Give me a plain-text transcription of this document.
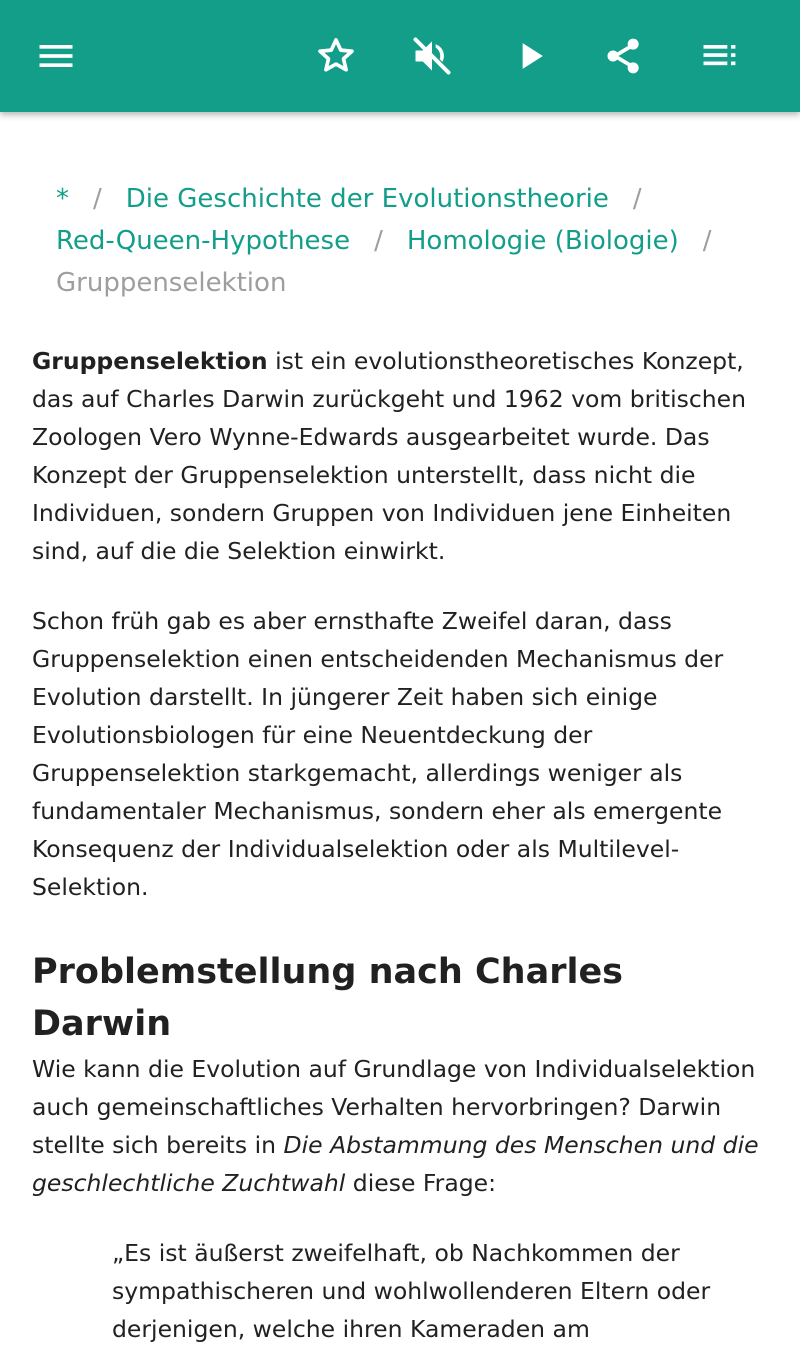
* / Die Geschichte der Evolutionstheorie /
Red-Queen-Hypothese / Homologie (Biologie) /
Gruppenselektion

Gruppenselektion ist ein evolutionstheoretisches Konzept, das auf Charles Darwin zurückgeht und 1962 vom britischen Zoologen Vero Wynne-Edwards ausgearbeitet wurde. Das Konzept der Gruppenselektion unterstellt, dass nicht die Individuen, sondern Gruppen von Individuen jene Einheiten sind, auf die die Selektion einwirkt.

Schon früh gab es aber ernsthafte Zweifel daran, dass Gruppenselektion einen entscheidenden Mechanismus der Evolution darstellt. In jüngerer Zeit haben sich einige Evolutionsbiologen für eine Neuentdeckung der Gruppenselektion starkgemacht, allerdings weniger als fundamentaler Mechanismus, sondern eher als emergente Konsequenz der Individualselektion oder als Multilevel-Selektion.

Problemstellung nach Charles Darwin

Wie kann die Evolution auf Grundlage von Individualselektion auch gemeinschaftliches Verhalten hervorbringen? Darwin stellte sich bereits in Die Abstammung des Menschen und die geschlechtliche Zuchtwahl diese Frage:

„Es ist äußerst zweifelhaft, ob Nachkommen der sympathischeren und wohlwollenderen Eltern oder derjenigen, welche ihren Kameraden am
